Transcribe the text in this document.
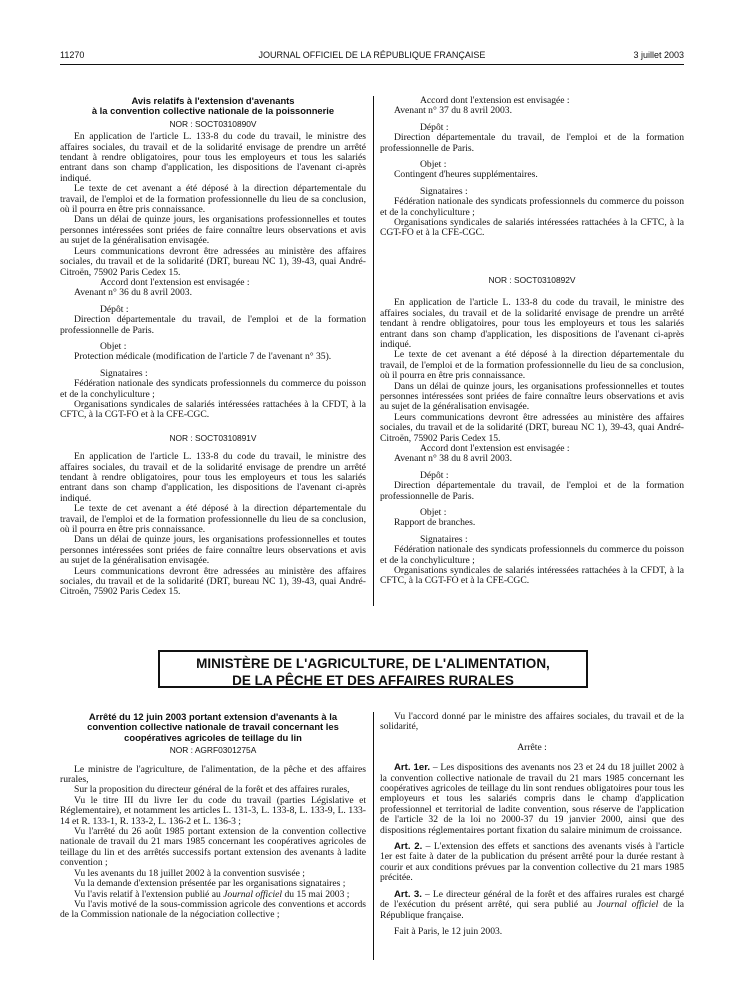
11270	JOURNAL OFFICIEL DE LA RÉPUBLIQUE FRANÇAISE	3 juillet 2003
Avis relatifs à l'extension d'avenants
à la convention collective nationale de la poissonnerie
NOR : SOCT0310890V

En application de l'article L. 133-8 du code du travail, le ministre des affaires sociales, du travail et de la solidarité envisage de prendre un arrêté tendant à rendre obligatoires, pour tous les employeurs et tous les salariés entrant dans son champ d'application, les dispositions de l'avenant ci-après indiqué.

Le texte de cet avenant a été déposé à la direction départementale du travail, de l'emploi et de la formation professionnelle du lieu de sa conclusion, où il pourra en être pris connaissance.

Dans un délai de quinze jours, les organisations professionnelles et toutes personnes intéressées sont priées de faire connaître leurs observations et avis au sujet de la généralisation envisagée.

Leurs communications devront être adressées au ministère des affaires sociales, du travail et de la solidarité (DRT, bureau NC 1), 39-43, quai André-Citroën, 75902 Paris Cedex 15.

Accord dont l'extension est envisagée :

Avenant n° 36 du 8 avril 2003.

Dépôt :

Direction départementale du travail, de l'emploi et de la formation professionnelle de Paris.

Objet :

Protection médicale (modification de l'article 7 de l'avenant n° 35).

Signataires :

Fédération nationale des syndicats professionnels du commerce du poisson et de la conchyliculture ;

Organisations syndicales de salariés intéressées rattachées à la CFDT, à la CFTC, à la CGT-FO et à la CFE-CGC.

NOR : SOCT0310891V

En application de l'article L. 133-8 du code du travail, le ministre des affaires sociales, du travail et de la solidarité envisage de prendre un arrêté tendant à rendre obligatoires, pour tous les employeurs et tous les salariés entrant dans son champ d'application, les dispositions de l'avenant ci-après indiqué.

Le texte de cet avenant a été déposé à la direction départementale du travail, de l'emploi et de la formation professionnelle du lieu de sa conclusion, où il pourra en être pris connaissance.

Dans un délai de quinze jours, les organisations professionnelles et toutes personnes intéressées sont priées de faire connaître leurs observations et avis au sujet de la généralisation envisagée.

Leurs communications devront être adressées au ministère des affaires sociales, du travail et de la solidarité (DRT, bureau NC 1), 39-43, quai André-Citroën, 75902 Paris Cedex 15.

Accord dont l'extension est envisagée :

Avenant n° 37 du 8 avril 2003.

Dépôt :

Direction départementale du travail, de l'emploi et de la formation professionnelle de Paris.

Objet :

Contingent d'heures supplémentaires.

Signataires :

Fédération nationale des syndicats professionnels du commerce du poisson et de la conchyliculture ;

Organisations syndicales de salariés intéressées rattachées à la CFTC, à la CGT-FO et à la CFE-CGC.

NOR : SOCT0310892V

En application de l'article L. 133-8 du code du travail, le ministre des affaires sociales, du travail et de la solidarité envisage de prendre un arrêté tendant à rendre obligatoires, pour tous les employeurs et tous les salariés entrant dans son champ d'application, les dispositions de l'avenant ci-après indiqué.

Le texte de cet avenant a été déposé à la direction départementale du travail, de l'emploi et de la formation professionnelle du lieu de sa conclusion, où il pourra en être pris connaissance.

Dans un délai de quinze jours, les organisations professionnelles et toutes personnes intéressées sont priées de faire connaître leurs observations et avis au sujet de la généralisation envisagée.

Leurs communications devront être adressées au ministère des affaires sociales, du travail et de la solidarité (DRT, bureau NC 1), 39-43, quai André-Citroën, 75902 Paris Cedex 15.

Accord dont l'extension est envisagée :

Avenant n° 38 du 8 avril 2003.

Dépôt :

Direction départementale du travail, de l'emploi et de la formation professionnelle de Paris.

Objet :

Rapport de branches.

Signataires :

Fédération nationale des syndicats professionnels du commerce du poisson et de la conchyliculture ;

Organisations syndicales de salariés intéressées rattachées à la CFDT, à la CFTC, à la CGT-FO et à la CFE-CGC.

MINISTÈRE DE L'AGRICULTURE, DE L'ALIMENTATION,
DE LA PÊCHE ET DES AFFAIRES RURALES
Arrêté du 12 juin 2003 portant extension d'avenants à la
convention collective nationale de travail concernant les
coopératives agricoles de teillage du lin
NOR : AGRF0301275A

Le ministre de l'agriculture, de l'alimentation, de la pêche et des affaires rurales,

Sur la proposition du directeur général de la forêt et des affaires rurales,

Vu le titre III du livre Ier du code du travail (parties Législative et Réglementaire), et notamment les articles L. 131-3, L. 133-8, L. 133-9, L. 133-14 et R. 133-1, R. 133-2, L. 136-2 et L. 136-3 ;

Vu l'arrêté du 26 août 1985 portant extension de la convention collective nationale de travail du 21 mars 1985 concernant les coopératives agricoles de teillage du lin et des arrêtés successifs portant extension des avenants à ladite convention ;

Vu les avenants du 18 juillet 2002 à la convention susvisée ;

Vu la demande d'extension présentée par les organisations signataires ;

Vu l'avis relatif à l'extension publié au Journal officiel du 15 mai 2003 ;

Vu l'avis motivé de la sous-commission agricole des conventions et accords de la Commission nationale de la négociation collective ;

Vu l'accord donné par le ministre des affaires sociales, du travail et de la solidarité,

Arrête :

Art. 1er. – Les dispositions des avenants nos 23 et 24 du 18 juillet 2002 à la convention collective nationale de travail du 21 mars 1985 concernant les coopératives agricoles de teillage du lin sont rendues obligatoires pour tous les employeurs et tous les salariés compris dans le champ d'application professionnel et territorial de ladite convention, sous réserve de l'application de l'article 32 de la loi no 2000-37 du 19 janvier 2000, ainsi que des dispositions réglementaires portant fixation du salaire minimum de croissance.

Art. 2. – L'extension des effets et sanctions des avenants visés à l'article 1er est faite à dater de la publication du présent arrêté pour la durée restant à courir et aux conditions prévues par la convention collective du 21 mars 1985 précitée.

Art. 3. – Le directeur général de la forêt et des affaires rurales est chargé de l'exécution du présent arrêté, qui sera publié au Journal officiel de la République française.

Fait à Paris, le 12 juin 2003.
